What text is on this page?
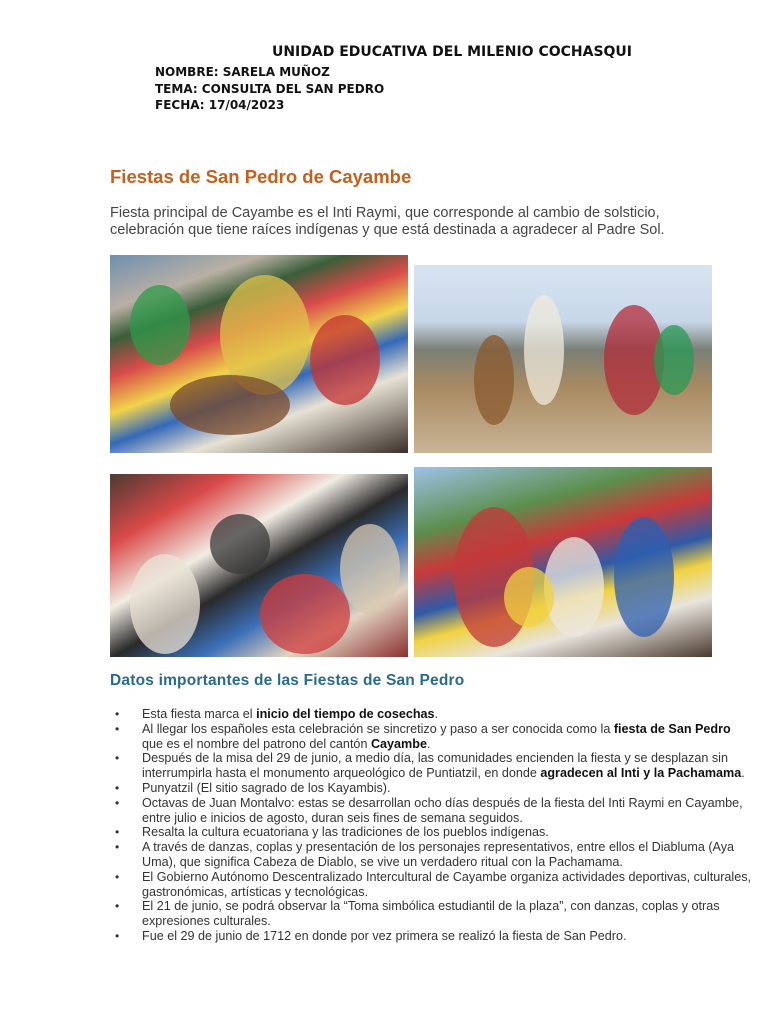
UNIDAD EDUCATIVA DEL MILENIO COCHASQUI
NOMBRE: SARELA MUÑOZ
TEMA: CONSULTA DEL SAN PEDRO
FECHA: 17/04/2023
Fiestas de San Pedro de Cayambe
Fiesta principal de Cayambe es el Inti Raymi, que corresponde al cambio de solsticio, celebración que tiene raíces indígenas y que está destinada a agradecer al Padre Sol.
Datos importantes de las Fiestas de San Pedro
• Esta fiesta marca el inicio del tiempo de cosechas.
• Al llegar los españoles esta celebración se sincretizo y paso a ser conocida como la fiesta de San Pedro que es el nombre del patrono del cantón Cayambe.
• Después de la misa del 29 de junio, a medio día, las comunidades encienden la fiesta y se desplazan sin interrumpirla hasta el monumento arqueológico de Puntiatzil, en donde agradecen al Inti y la Pachamama.
• Punyatzil (El sitio sagrado de los Kayambis).
• Octavas de Juan Montalvo: estas se desarrollan ocho días después de la fiesta del Inti Raymi en Cayambe, entre julio e inicios de agosto, duran seis fines de semana seguidos.
• Resalta la cultura ecuatoriana y las tradiciones de los pueblos indígenas.
• A través de danzas, coplas y presentación de los personajes representativos, entre ellos el Diabluma (Aya Uma), que significa Cabeza de Diablo, se vive un verdadero ritual con la Pachamama.
• El Gobierno Autónomo Descentralizado Intercultural de Cayambe organiza actividades deportivas, culturales, gastronómicas, artísticas y tecnológicas.
• El 21 de junio, se podrá observar la “Toma simbólica estudiantil de la plaza”, con danzas, coplas y otras expresiones culturales.
• Fue el 29 de junio de 1712 en donde por vez primera se realizó la fiesta de San Pedro.
